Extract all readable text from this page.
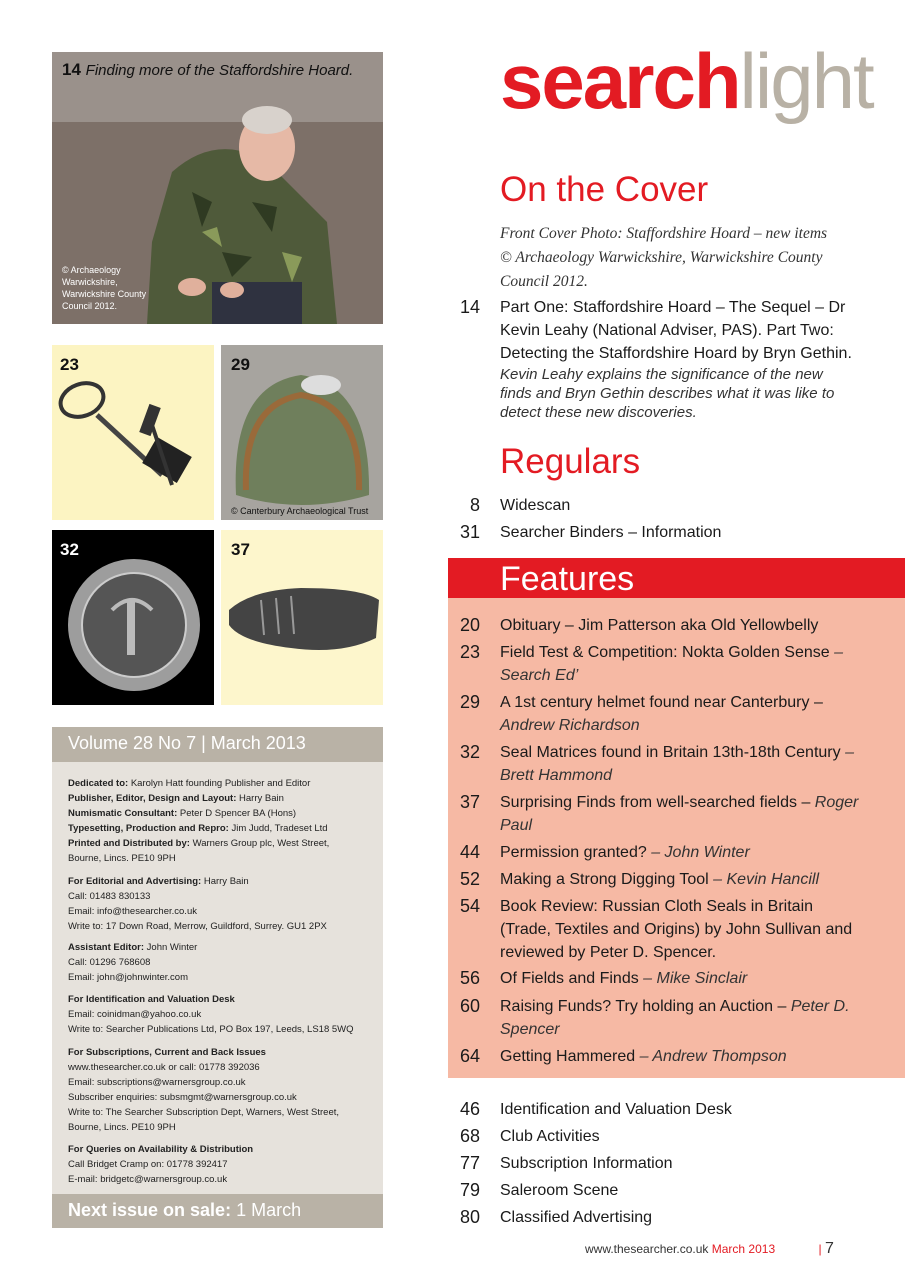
14 Finding more of the Staffordshire Hoard.
© Archaeology Warwickshire, Warwickshire County Council 2012.
23	29
© Canterbury Archaeological Trust
32	37
Volume 28 No 7 | March 2013
Dedicated to: Karolyn Hatt founding Publisher and Editor
Publisher, Editor, Design and Layout: Harry Bain
Numismatic Consultant: Peter D Spencer BA (Hons)
Typesetting, Production and Repro: Jim Judd, Tradeset Ltd
Printed and Distributed by: Warners Group plc, West Street,
Bourne, Lincs. PE10 9PH
For Editorial and Advertising: Harry Bain
Call: 01483 830133
Email: info@thesearcher.co.uk
Write to: 17 Down Road, Merrow, Guildford, Surrey. GU1 2PX
Assistant Editor: John Winter
Call: 01296 768608
Email: john@johnwinter.com
For Identification and Valuation Desk
Email: coinidman@yahoo.co.uk
Write to: Searcher Publications Ltd, PO Box 197, Leeds, LS18 5WQ
For Subscriptions, Current and Back Issues
www.thesearcher.co.uk or call: 01778 392036
Email: subscriptions@warnersgroup.co.uk
Subscriber enquiries: subsmgmt@warnersgroup.co.uk
Write to: The Searcher Subscription Dept, Warners, West Street,
Bourne, Lincs. PE10 9PH
For Queries on Availability & Distribution
Call Bridget Cramp on: 01778 392417
E-mail: bridgetc@warnersgroup.co.uk
Next issue on sale: 1 March
searchlight
On the Cover
Front Cover Photo: Staffordshire Hoard – new items
© Archaeology Warwickshire, Warwickshire County
Council 2012.
14 Part One: Staffordshire Hoard – The Sequel – Dr Kevin Leahy (National Adviser, PAS). Part Two: Detecting the Staffordshire Hoard by Bryn Gethin.
Kevin Leahy explains the significance of the new finds and Bryn Gethin describes what it was like to detect these new discoveries.
Regulars
8 Widescan
31 Searcher Binders – Information
Features
20 Obituary – Jim Patterson aka Old Yellowbelly
23 Field Test & Competition: Nokta Golden Sense – Search Ed’
29 A 1st century helmet found near Canterbury – Andrew Richardson
32 Seal Matrices found in Britain 13th-18th Century – Brett Hammond
37 Surprising Finds from well-searched fields – Roger Paul
44 Permission granted? – John Winter
52 Making a Strong Digging Tool – Kevin Hancill
54 Book Review: Russian Cloth Seals in Britain (Trade, Textiles and Origins) by John Sullivan and reviewed by Peter D. Spencer.
56 Of Fields and Finds – Mike Sinclair
60 Raising Funds? Try holding an Auction – Peter D. Spencer
64 Getting Hammered – Andrew Thompson
46 Identification and Valuation Desk
68 Club Activities
77 Subscription Information
79 Saleroom Scene
80 Classified Advertising
www.thesearcher.co.uk March 2013	| 7
